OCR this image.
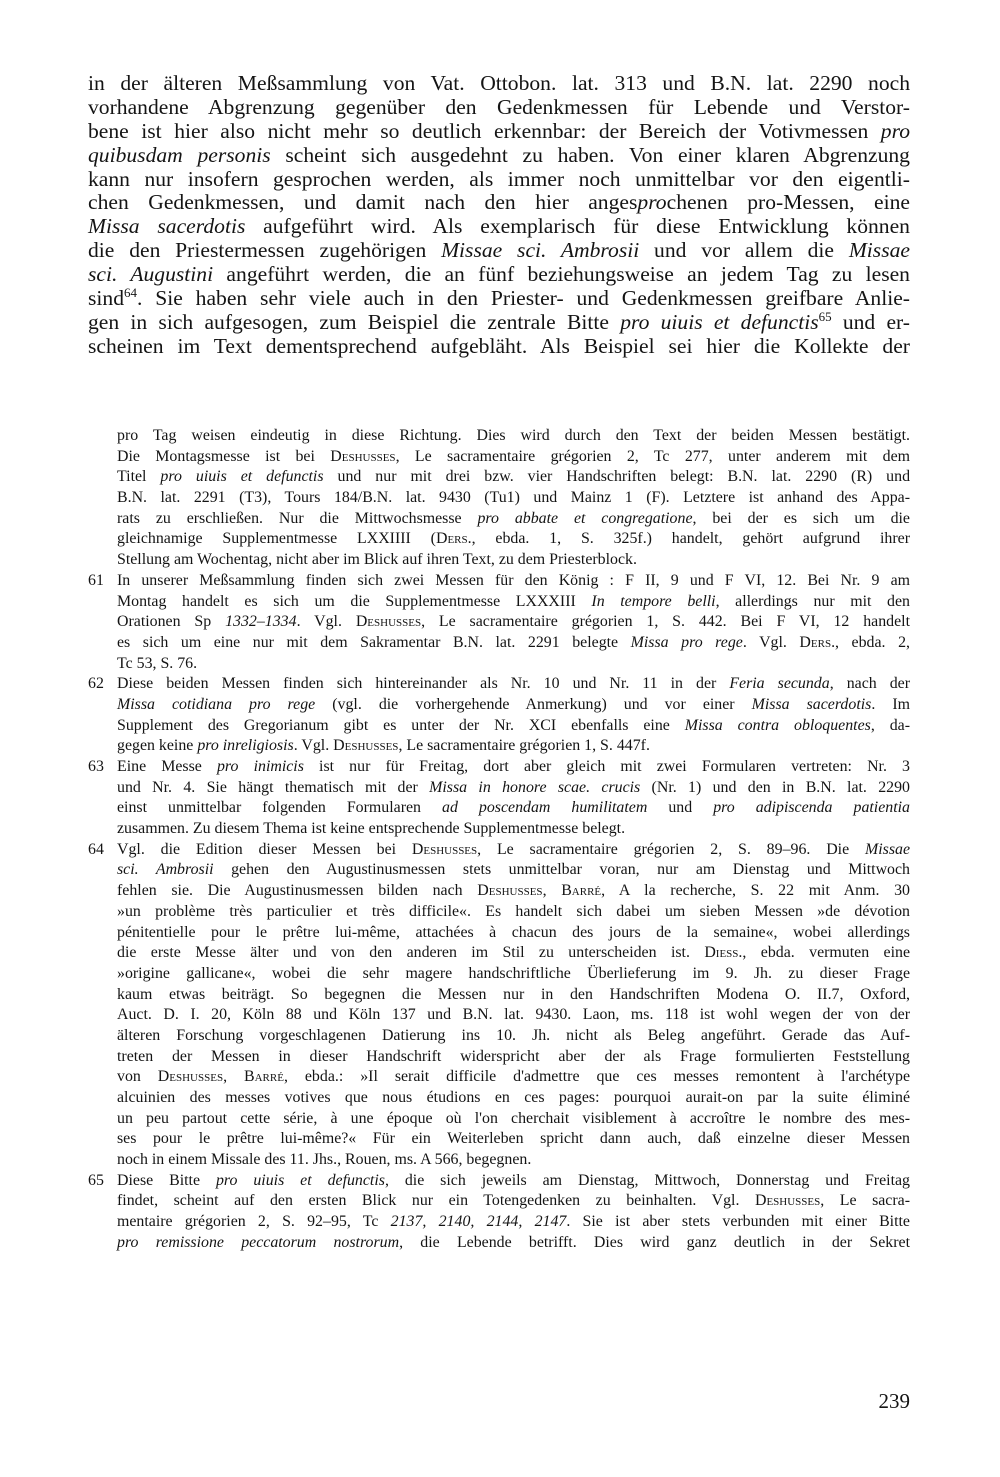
in der älteren Meßsammlung von Vat. Ottobon. lat. 313 und B.N. lat. 2290 noch
vorhandene Abgrenzung gegenüber den Gedenkmessen für Lebende und Verstor-
bene ist hier also nicht mehr so deutlich erkennbar: der Bereich der Votivmessen pro
quibusdam personis scheint sich ausgedehnt zu haben. Von einer klaren Abgrenzung
kann nur insofern gesprochen werden, als immer noch unmittelbar vor den eigentli-
chen Gedenkmessen, und damit nach den hier angesprochenen pro-Messen, eine
Missa sacerdotis aufgeführt wird. Als exemplarisch für diese Entwicklung können
die den Priestermessen zugehörigen Missae sci. Ambrosii und vor allem die Missae
sci. Augustini angeführt werden, die an fünf beziehungsweise an jedem Tag zu lesen
sind$^{64}$. Sie haben sehr viele auch in den Priester- und Gedenkmessen greifbare Anlie-
gen in sich aufgesogen, zum Beispiel die zentrale Bitte pro uiuis et defunctis$^{65}$ und er-
scheinen im Text dementsprechend aufgebläht. Als Beispiel sei hier die Kollekte der
pro Tag weisen eindeutig in diese Richtung. Dies wird durch den Text der beiden Messen bestätigt.
Die Montagsmesse ist bei Deshusses, Le sacramentaire grégorien 2, Tc 277, unter anderem mit dem
Titel pro uiuis et defunctis und nur mit drei bzw. vier Handschriften belegt: B.N. lat. 2290 (R) und
B.N. lat. 2291 (T3), Tours 184/B.N. lat. 9430 (Tu1) und Mainz 1 (F). Letztere ist anhand des Appa-
rats zu erschließen. Nur die Mittwochsmesse pro abbate et congregatione, bei der es sich um die
gleichnamige Supplementmesse LXXIIII (Ders., ebda. 1, S. 325f.) handelt, gehört aufgrund ihrer
Stellung am Wochentag, nicht aber im Blick auf ihren Text, zu dem Priesterblock.
61 In unserer Meßsammlung finden sich zwei Messen für den König : F II, 9 und F VI, 12. Bei Nr. 9 am
Montag handelt es sich um die Supplementmesse LXXXIII In tempore belli, allerdings nur mit den
Orationen Sp 1332–1334. Vgl. Deshusses, Le sacramentaire grégorien 1, S. 442. Bei F VI, 12 handelt
es sich um eine nur mit dem Sakramentar B.N. lat. 2291 belegte Missa pro rege. Vgl. Ders., ebda. 2,
Tc 53, S. 76.
62 Diese beiden Messen finden sich hintereinander als Nr. 10 und Nr. 11 in der Feria secunda, nach der
Missa cotidiana pro rege (vgl. die vorhergehende Anmerkung) und vor einer Missa sacerdotis. Im
Supplement des Gregorianum gibt es unter der Nr. XCI ebenfalls eine Missa contra obloquentes, da-
gegen keine pro inreligiosis. Vgl. Deshusses, Le sacramentaire grégorien 1, S. 447f.
63 Eine Messe pro inimicis ist nur für Freitag, dort aber gleich mit zwei Formularen vertreten: Nr. 3
und Nr. 4. Sie hängt thematisch mit der Missa in honore scae. crucis (Nr. 1) und den in B.N. lat. 2290
einst unmittelbar folgenden Formularen ad poscendam humilitatem und pro adipiscenda patientia
zusammen. Zu diesem Thema ist keine entsprechende Supplementmesse belegt.
64 Vgl. die Edition dieser Messen bei Deshusses, Le sacramentaire grégorien 2, S. 89–96. Die Missae
sci. Ambrosii gehen den Augustinusmessen stets unmittelbar voran, nur am Dienstag und Mittwoch
fehlen sie. Die Augustinusmessen bilden nach Deshusses, Barré, A la recherche, S. 22 mit Anm. 30
»un problème très particulier et très difficile«. Es handelt sich dabei um sieben Messen »de dévotion
pénitentielle pour le prêtre lui-même, attachées à chacun des jours de la semaine«, wobei allerdings
die erste Messe älter und von den anderen im Stil zu unterscheiden ist. Diess., ebda. vermuten eine
»origine gallicane«, wobei die sehr magere handschriftliche Überlieferung im 9. Jh. zu dieser Frage
kaum etwas beiträgt. So begegnen die Messen nur in den Handschriften Modena O. II.7, Oxford,
Auct. D. I. 20, Köln 88 und Köln 137 und B.N. lat. 9430. Laon, ms. 118 ist wohl wegen der von der
älteren Forschung vorgeschlagenen Datierung ins 10. Jh. nicht als Beleg angeführt. Gerade das Auf-
treten der Messen in dieser Handschrift widerspricht aber der als Frage formulierten Feststellung
von Deshusses, Barré, ebda.: »Il serait difficile d'admettre que ces messes remontent à l'archétype
alcuinien des messes votives que nous étudions en ces pages: pourquoi aurait-on par la suite éliminé
un peu partout cette série, à une époque où l'on cherchait visiblement à accroître le nombre des mes-
ses pour le prêtre lui-même?« Für ein Weiterleben spricht dann auch, daß einzelne dieser Messen
noch in einem Missale des 11. Jhs., Rouen, ms. A 566, begegnen.
65 Diese Bitte pro uiuis et defunctis, die sich jeweils am Dienstag, Mittwoch, Donnerstag und Freitag
findet, scheint auf den ersten Blick nur ein Totengedenken zu beinhalten. Vgl. Deshusses, Le sacra-
mentaire grégorien 2, S. 92–95, Tc 2137, 2140, 2144, 2147. Sie ist aber stets verbunden mit einer Bitte
pro remissione peccatorum nostrorum, die Lebende betrifft. Dies wird ganz deutlich in der Sekret
239
